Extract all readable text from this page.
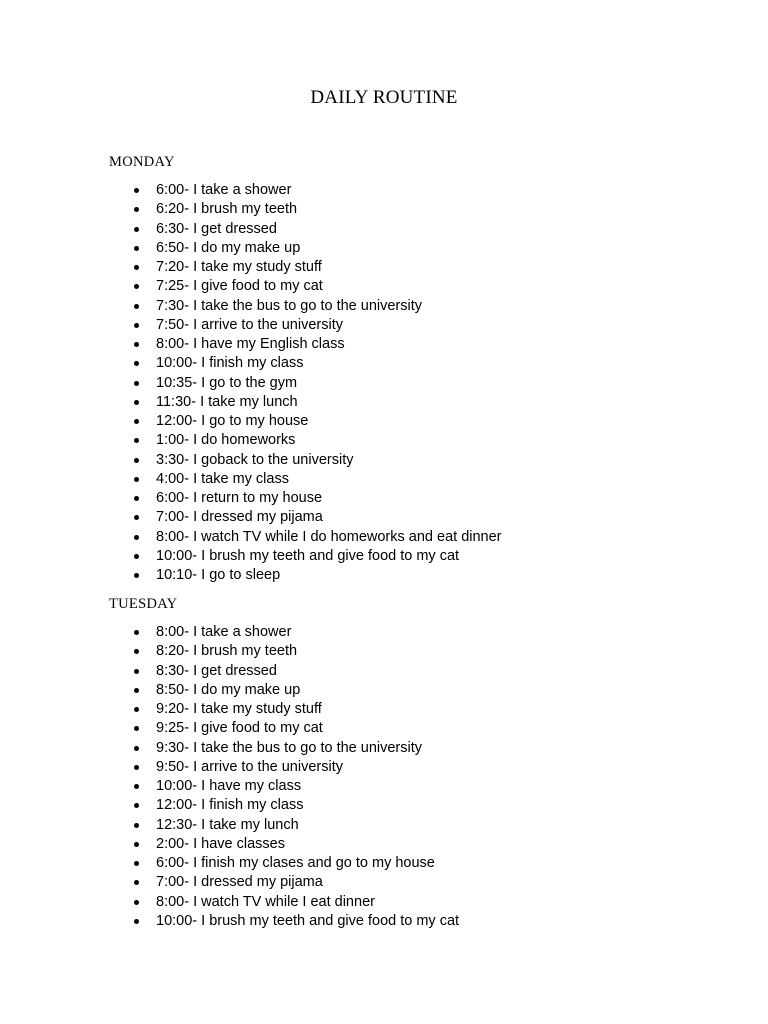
DAILY ROUTINE
MONDAY
6:00- I take a shower
6:20- I brush my teeth
6:30- I get dressed
6:50- I do my make up
7:20- I take my study stuff
7:25- I give food to my cat
7:30- I take the bus to go to the university
7:50- I arrive to the university
8:00- I have my English class
10:00- I finish my class
10:35- I go to the gym
11:30- I take my lunch
12:00- I go to my house
1:00- I do homeworks
3:30- I goback to the university
4:00- I take my class
6:00- I return to my house
7:00- I dressed my pijama
8:00- I watch TV while I do homeworks and eat dinner
10:00- I brush my teeth and give food to my cat
10:10- I go to sleep
TUESDAY
8:00- I take a shower
8:20- I brush my teeth
8:30- I get dressed
8:50- I do my make up
9:20- I take my study stuff
9:25- I give food to my cat
9:30- I take the bus to go to the university
9:50- I arrive to the university
10:00- I have my class
12:00- I finish my class
12:30- I take my lunch
2:00- I have classes
6:00- I finish my clases and go to my house
7:00- I dressed my pijama
8:00- I watch TV while I eat dinner
10:00- I brush my teeth and give food to my cat
